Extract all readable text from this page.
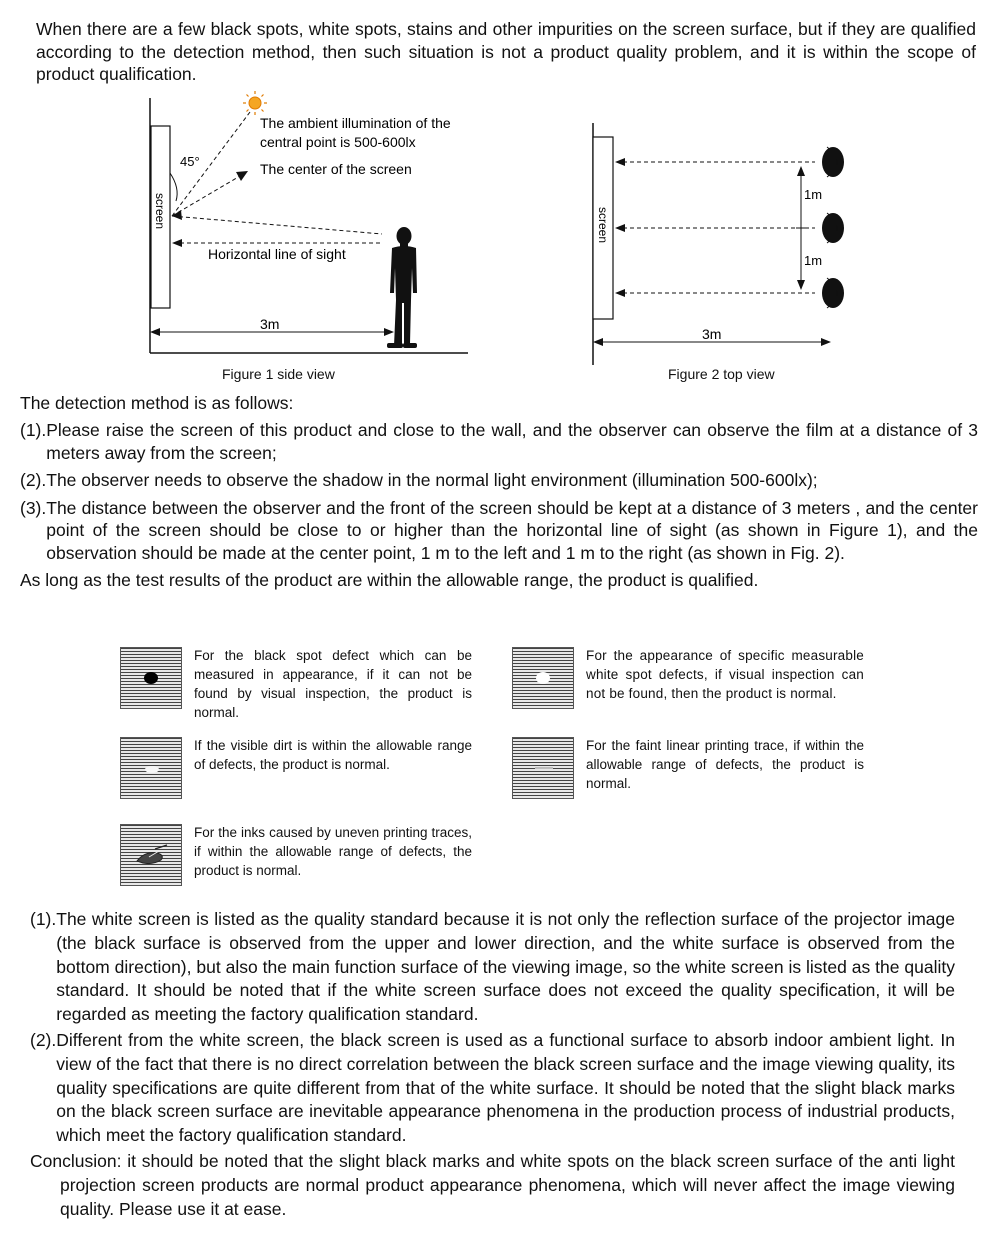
When there are a few black spots, white spots, stains and other impurities on the screen surface, but if they are qualified according to the detection method, then such situation is not a product quality problem, and it is within the scope of product qualification.

screen
45°
The ambient illumination of the
central point is 500-600lx
The center of the screen
Horizontal line of sight
3m
Figure 1 side view
screen
1m
1m
3m
Figure 2 top view
The detection method is as follows:
(1). Please raise the screen of this product and close to the wall, and the observer can observe the film at a distance of 3 meters away from the screen;
(2). The observer needs to observe the shadow in the normal light environment (illumination 500-600lx);
(3). The distance between the observer and the front of the screen should be kept at a distance of 3 meters , and the center point of the screen should be close to or higher than the horizontal line of sight (as shown in Figure 1), and the observation should be made at the center point, 1 m to the left and 1 m to the right (as shown in Fig. 2).
As long as the test results of the product are within the allowable range, the product is qualified.
For the black spot defect which can be measured in appearance, if it can not be found by visual inspection, the product is normal.
For the appearance of specific measurable white spot defects, if visual inspection can not be found, then the product is normal.
If the visible dirt is within the allowable range of defects, the product is normal.
For the faint linear printing trace, if within the allowable range of defects, the product is normal.
For the inks caused by uneven printing traces, if within the allowable range of defects, the product is normal.
(1). The white screen is listed as the quality standard because it is not only the reflection surface of the projector image (the black surface is observed from the upper and lower direction, and the white surface is observed from the bottom direction), but also the main function surface of the viewing image, so the white screen is listed as the quality standard. It should be noted that if the white screen surface does not exceed the quality specification, it will be regarded as meeting the factory qualification standard.
(2). Different from the white screen, the black screen is used as a functional surface to absorb indoor ambient light. In view of the fact that there is no direct correlation between the black screen surface and the image viewing quality, its quality specifications are quite different from that of the white surface. It should be noted that the slight black marks on the black screen surface are inevitable appearance phenomena in the production process of industrial products, which meet the factory qualification standard.
Conclusion: it should be noted that the slight black marks and white spots on the black screen surface of the anti light projection screen products are normal product appearance phenomena, which will never affect the image viewing quality. Please use it at ease.
